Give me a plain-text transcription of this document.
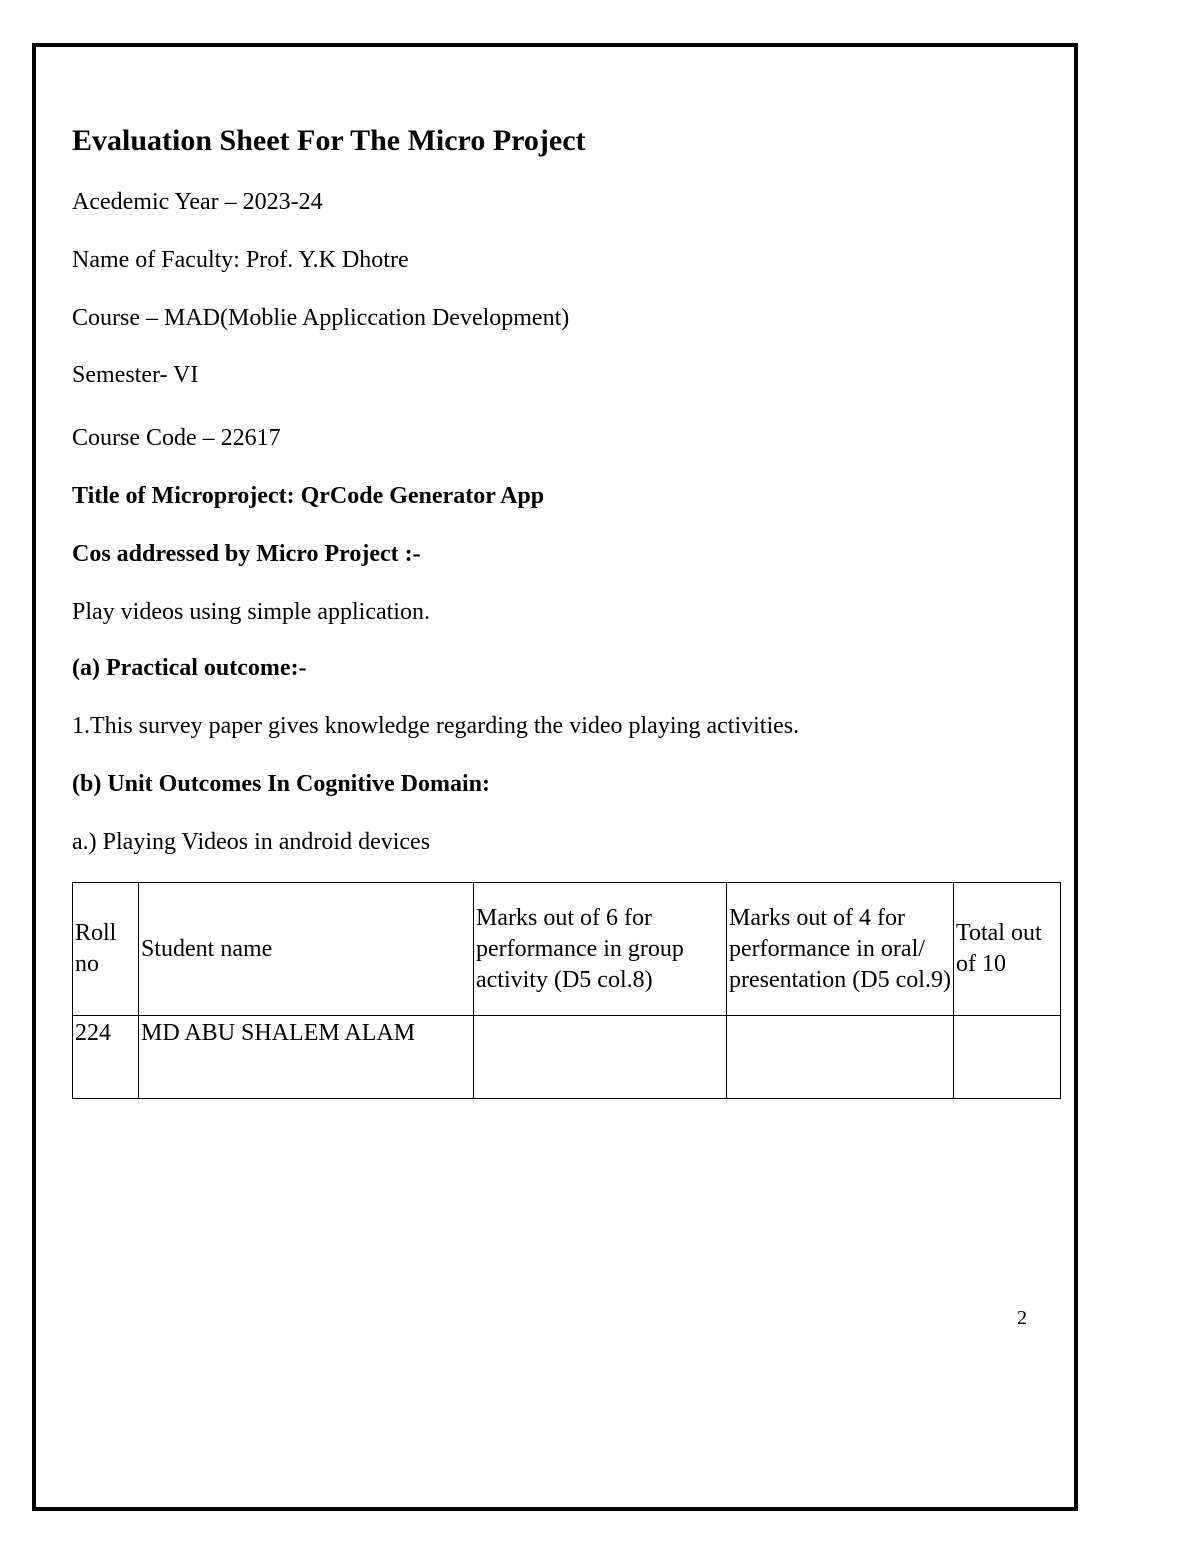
Evaluation Sheet For The Micro Project
Acedemic Year – 2023-24
Name of Faculty: Prof. Y.K Dhotre
Course – MAD(Moblie Appliccation Development)
Semester- VI
Course Code – 22617
Title of Microproject: QrCode Generator App
Cos addressed by Micro Project :-
Play videos using simple application.
(a) Practical outcome:-
1.This survey paper gives knowledge regarding the video playing activities.
(b) Unit Outcomes In Cognitive Domain:
a.) Playing Videos in android devices
Roll no	Student name	Marks out of 6 for performance in group activity (D5 col.8)	Marks out of 4 for performance in oral/ presentation (D5 col.9)	Total out of 10
224	MD ABU SHALEM ALAM			
2
